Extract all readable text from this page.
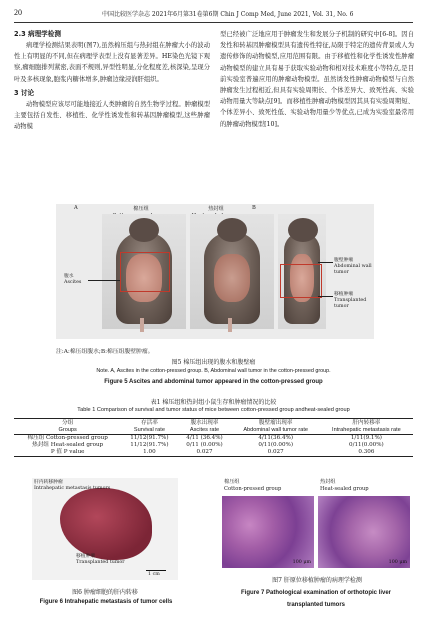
20	中国比较医学杂志 2021年6月第31卷第6期 Chin J Comp Med, June 2021, Vol. 31, No. 6
2.3 病理学检测

病理学检测结果表明(图7),虽然棉压组与热封组在肿瘤大小的波动性上有明显的不同,但在病理学表型上没有显著差异。HE染色光镜下观察,瘤细胞排列紧密,表面不规则,异型性明显,分化程度差,核深染,呈现分叶及多核现象,胞浆内糖体增多,肿瘤边缘浸润肝组织。

3 讨论

动物模型应该尽可能地接近人类肿瘤的自然生物学过程。肿瘤模型主要包括自发性、移植性、化学性诱发性和转基因肿瘤模型,这些肿瘤动物模

型已经被广泛地应用于肿瘤发生和发展分子机制的研究中[6-8]。因自发性和转基因肿瘤模型具有遗传性特征,局限于特定的遗传背景或人为遗传修饰的动物模型,应用范围有限。由于移植性和化学性诱发性肿瘤动物模型的建立具有易于获取实验动物和相对技术难度小等特点,是目前实验室普遍应用的肿瘤动物模型。虽然诱发性肿瘤动物模型与自然肿瘤发生过程相近,但具有实验周期长、个体差异大、致死性高、实验动物用量大等缺点[9]。而移植性肿瘤动物模型因其具有实验周期短、个体差异小、致死性低、实验动物用量少等优点,已成为实验室最常用的肿瘤动物模型[10]。

A	B
棉压组	热封组
腹水
Ascites
腹壁肿瘤
Abdominal wall tumor
移植肿瘤
Transplanted tumor
注:A:棉压组腹水;B:棉压组腹壁肿瘤。
图5 棉压组出现的腹水和腹壁瘤
Note. A, Ascites in the cotton-pressed group. B, Abdominal wall tumor in the cotton-pressed group.
Figure 5 Ascites and abdominal tumor appeared in the cotton-pressed group
表1 棉压组和热封组小鼠生存和肿瘤情况的比较
Table 1 Comparison of survival and tumor status of mice between cotton-pressed group andheat-sealed group
分组	存活率	腹水出现率	腹壁瘤出现率	肝内转移率
Groups	Survival rate	Ascites rate	Abdominal wall tumor rate	Intrahepatic metastasis rate
棉压组 Cotton-pressed group	11/12(91.7%)	4/11 (36.4%)	4/11(36.4%)	1/11(9.1%)
热封组 Heat-sealed group	11/12(91.7%)	0/11 (0.00%)	0/11(0.00%)	0/11(0.00%)
P 值 P value	1.00	0.027	0.027	0.306
肝内转移肿瘤
Intrahepatic metastasis tumors
移植肿瘤
Transplanted tumor
1 cm
图6 肿瘤细胞的肝内转移
Figure 6 Intrahepatic metastasis of tumor cells
棉压组
Cotton-pressed group
热封组
Heat-sealed group
100 μm	100 μm
图7 肝原位移植肿瘤的病理学检测
Figure 7 Pathological examination of orthotopic liver transplanted tumors
